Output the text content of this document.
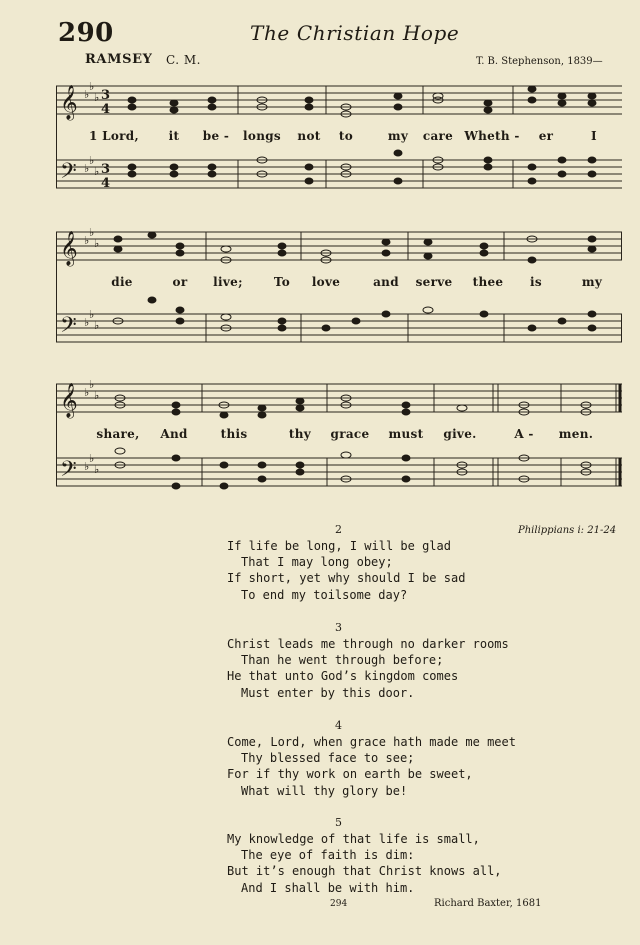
290	The Christian Hope
RAMSEY C. M.	T. B. Stephenson, 1839—
𝄞
𝄢
♭
♭
♭
♭
♭
♭
3
4
3
4
1 Lord, it be - longs not to	my care Wheth - er	I
𝄞
𝄢
♭
♭
♭
♭
♭
♭
die	or live;	To love	and serve thee is	my
𝄞
𝄢
♭
♭
♭
♭
♭
♭
share, And	this	thy grace must give.	A - men.
2	Philippians i: 21-24
If life be long, I will be glad
That I may long obey;
If short, yet why should I be sad
To end my toilsome day?
3
Christ leads me through no darker rooms
Than he went through before;
He that unto God’s kingdom comes
Must enter by this door.
4
Come, Lord, when grace hath made me meet
Thy blessed face to see;
For if thy work on earth be sweet,
What will thy glory be!
5
My knowledge of that life is small,
The eye of faith is dim:
But it’s enough that Christ knows all,
And I shall be with him.
294	Richard Baxter, 1681
